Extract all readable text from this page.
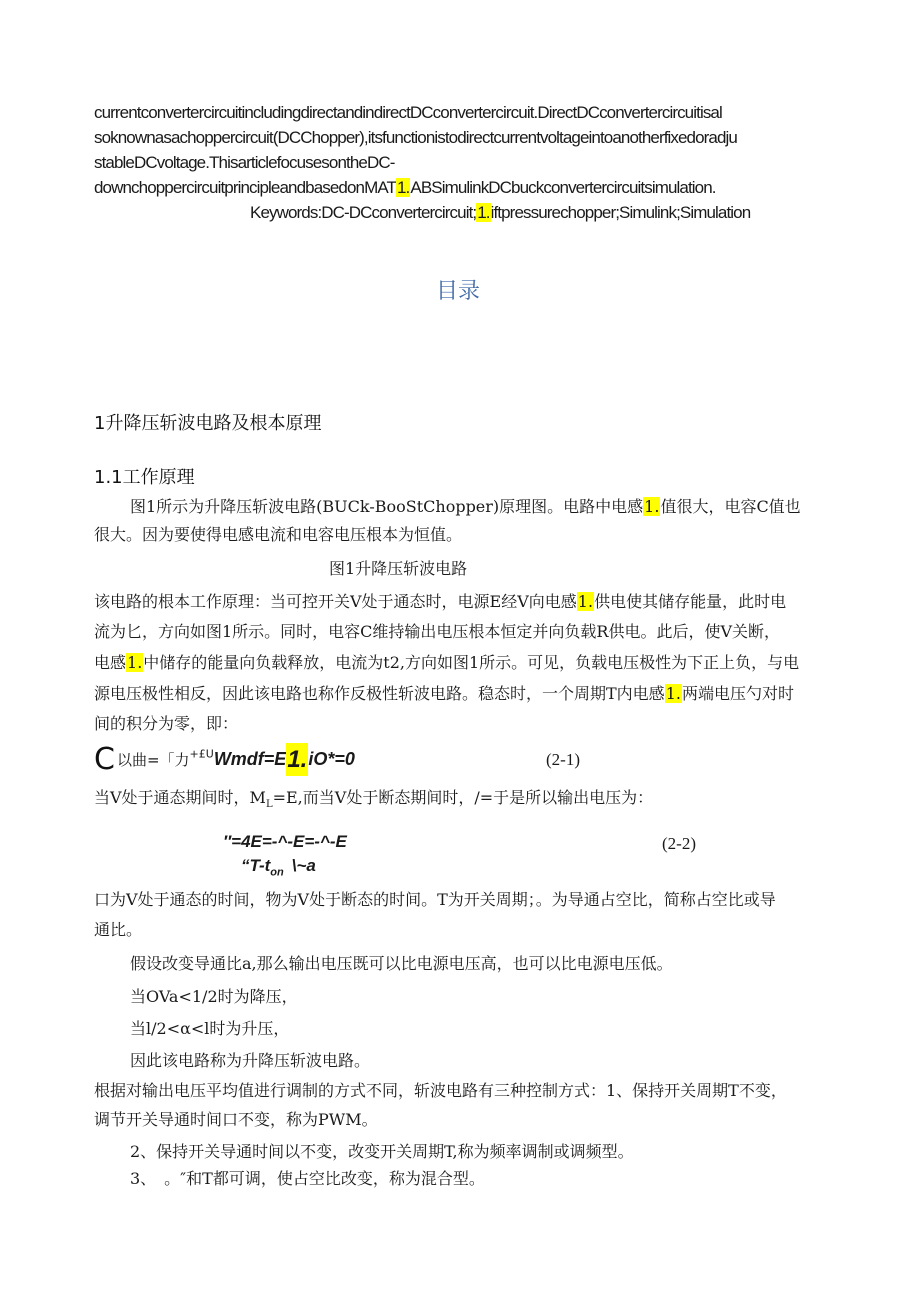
currentconvertercircuitincludingdirectandindirectDCconvertercircuit.DirectDCconvertercircuitisal
soknownasachoppercircuit(DCChopper),itsfunctionistodirectcurrentvoltageintoanotherfixedoradju
stableDCvoltage.ThisarticlefocusesontheDC-
downchoppercircuitprincipleandbasedonMAT1.ABSimulinkDCbuckconvertercircuitsimulation.
Keywords:DC-DCconvertercircuit;1.iftpressurechopper;Simulink;Simulation
目录
1升降压斩波电路及根本原理
1.1工作原理
图1所示为升降压斩波电路(BUCk-BooStChopper)原理图。电路中电感1.值很大，电容C值也
很大。因为要使得电感电流和电容电压根本为恒值。
图1升降压斩波电路
该电路的根本工作原理：当可控开关V处于通态时，电源E经V向电感1.供电使其储存能量，此时电
流为匕，方向如图1所示。同时，电容C维持输出电压根本恒定并向负载R供电。此后，使V关断，
电感1.中储存的能量向负载释放，电流为t2,方向如图1所示。可见，负载电压极性为下正上负，与电
源电压极性相反，因此该电路也称作反极性斩波电路。稳态时，一个周期T内电感1.两端电压勺对时
间的积分为零，即：
C以曲=「力$^{+£U}$Wmdf=E1.iO*=0	(2-1)
当V处于通态期间时，$M_L=E$,而当V处于断态期间时，/=于是所以输出电压为：
″=4E=-^-E=-^-E
“$T-t_{on}$ \~a
(2-2)
口为V处于通态的时间，物为V处于断态的时间。T为开关周期；。为导通占空比，简称占空比或导
通比。
假设改变导通比a,那么输出电压既可以比电源电压高，也可以比电源电压低。
当OVa<1/2时为降压，
当l/2<α<l时为升压，
因此该电路称为升降压斩波电路。
根据对输出电压平均值进行调制的方式不同，斩波电路有三种控制方式：1、保持开关周期T不变，
调节开关导通时间口不变，称为PWM。
2、保持开关导通时间以不变，改变开关周期T,称为频率调制或调频型。
3、　。″和T都可调，使占空比改变，称为混合型。
